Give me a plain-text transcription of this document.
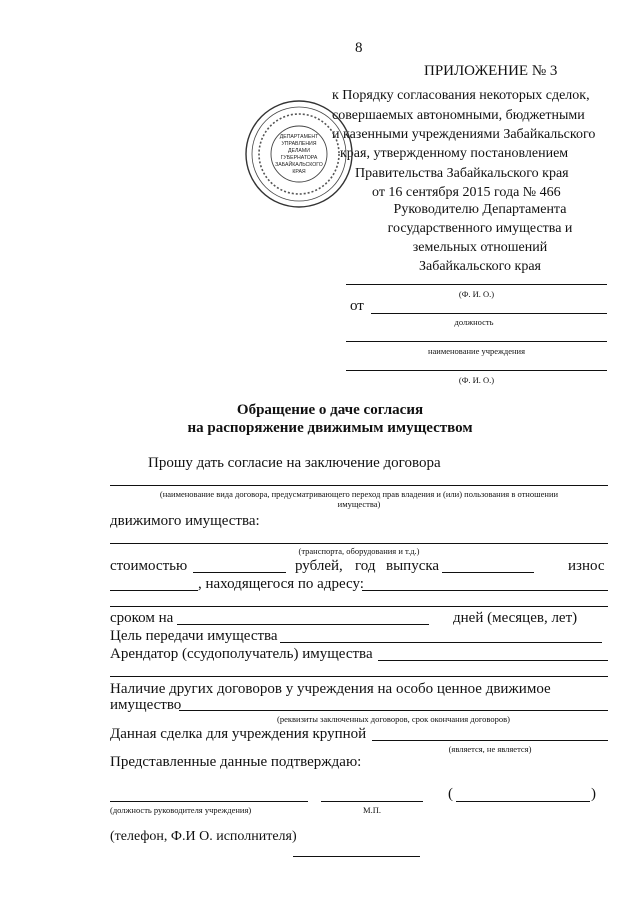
8
ПРИЛОЖЕНИЕ № 3
к Порядку согласования некоторых сделок,
совершаемых автономными, бюджетными
и казенными учреждениями Забайкальского
края, утвержденному постановлением
Правительства Забайкальского края
от 16 сентября 2015 года № 466
ДЕПАРТАМЕНТ
УПРАВЛЕНИЯ
ДЕЛАМИ
ГУБЕРНАТОРА
ЗАБАЙКАЛЬСКОГО
КРАЯ
Руководителю Департамента
государственного имущества и
земельных отношений
Забайкальского края
(Ф. И. О.)
от
должность
наименование учреждения
(Ф. И. О.)
Обращение о даче согласия
на распоряжение движимым имуществом
Прошу дать согласие на заключение договора
(наименование вида договора, предусматривающего переход прав владения и (или) пользования в отношении
имущества)
движимого имущества:
(транспорта, оборудования и т.д.)
стоимостью	рублей, год выпуска	износ
, находящегося по адресу:
сроком на	дней (месяцев, лет)
Цель передачи имущества
Арендатор (ссудополучатель) имущества
Наличие других договоров у учреждения на особо ценное движимое
имущество
(реквизиты заключенных договоров, срок окончания договоров)
Данная сделка для учреждения крупной
(является, не является)
Представленные данные подтверждаю:
(должность руководителя учреждения)	М.П.
(	)
(телефон, Ф.И О. исполнителя)
